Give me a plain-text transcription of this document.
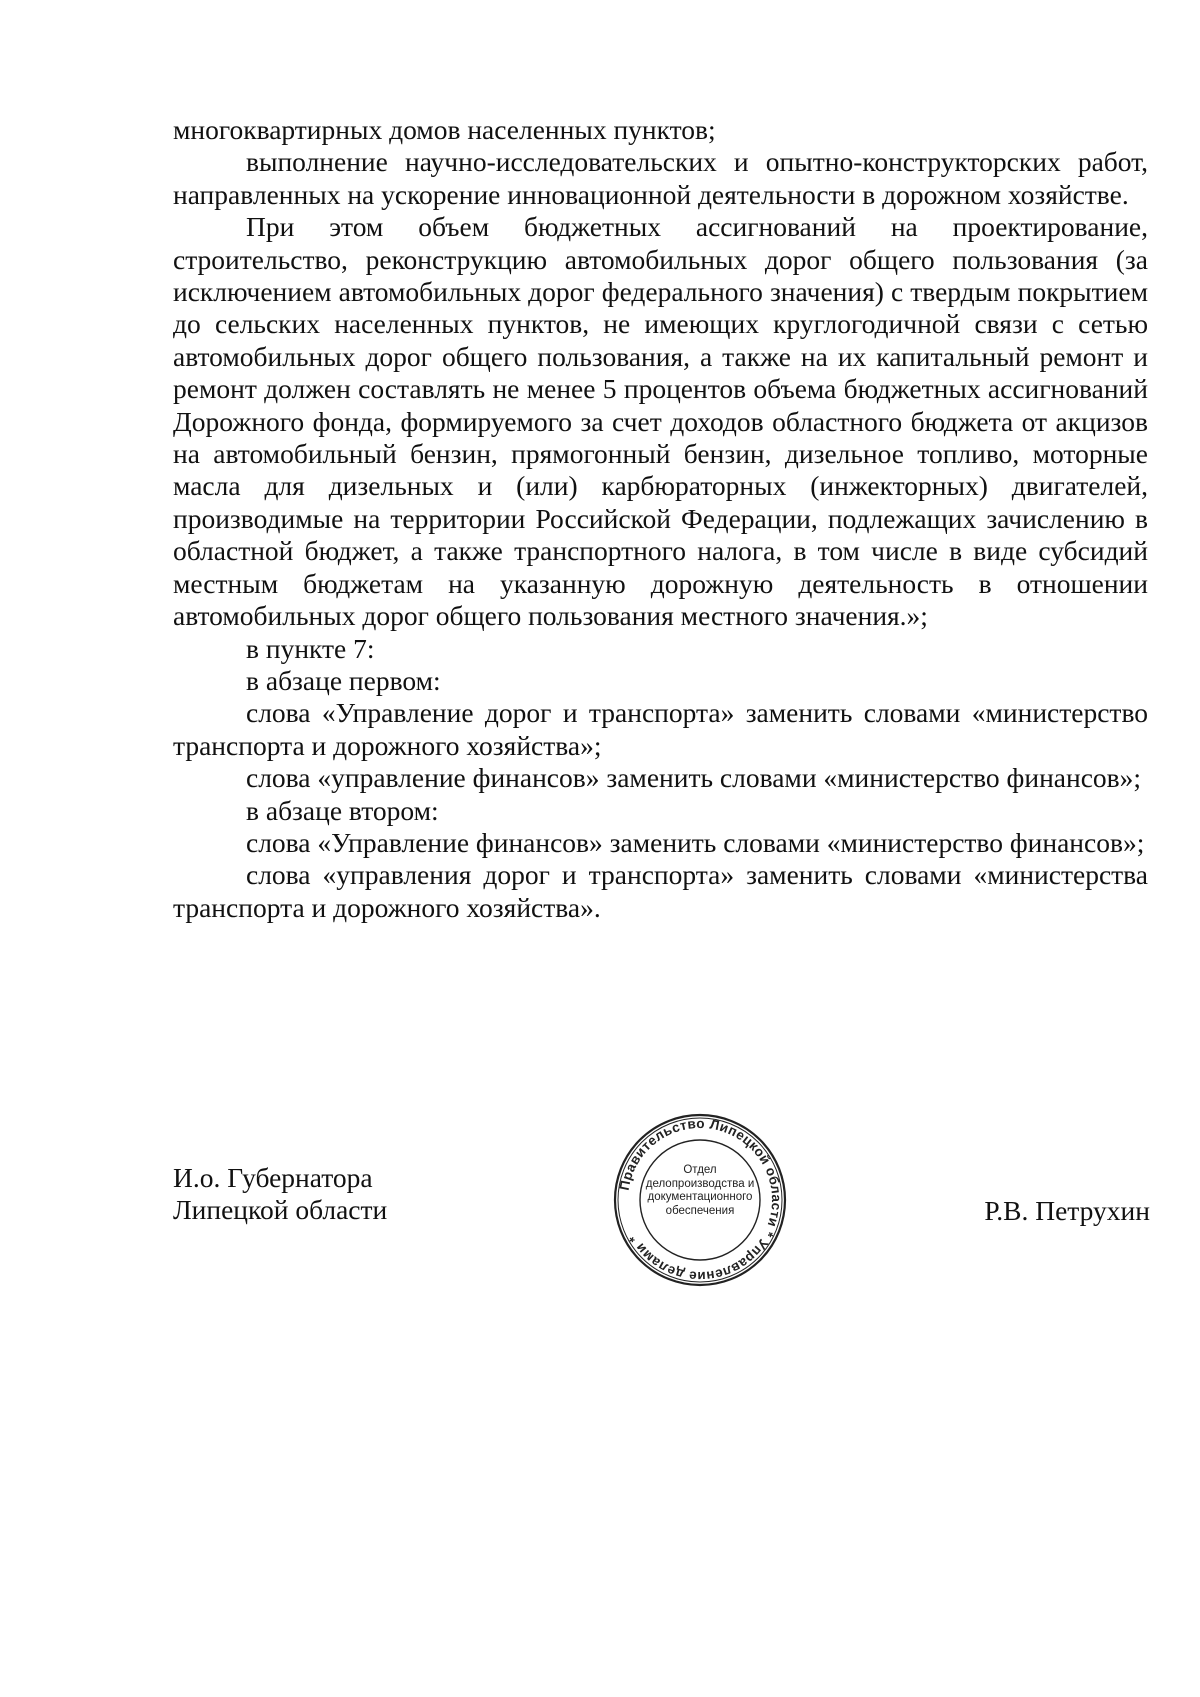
многоквартирных домов населенных пунктов;

выполнение научно-исследовательских и опытно-конструкторских работ, направленных на ускорение инновационной деятельности в дорожном хозяйстве.

При этом объем бюджетных ассигнований на проектирование, строительство, реконструкцию автомобильных дорог общего пользования (за исключением автомобильных дорог федерального значения) с твердым покрытием до сельских населенных пунктов, не имеющих круглогодичной связи с сетью автомобильных дорог общего пользования, а также на их капитальный ремонт и ремонт должен составлять не менее 5 процентов объема бюджетных ассигнований Дорожного фонда, формируемого за счет доходов областного бюджета от акцизов на автомобильный бензин, прямогонный бензин, дизельное топливо, моторные масла для дизельных и (или) карбюраторных (инжекторных) двигателей, производимые на территории Российской Федерации, подлежащих зачислению в областной бюджет, а также транспортного налога, в том числе в виде субсидий местным бюджетам на указанную дорожную деятельность в отношении автомобильных дорог общего пользования местного значения.»;

в пункте 7:

в абзаце первом:

слова «Управление дорог и транспорта» заменить словами «министерство транспорта и дорожного хозяйства»;

слова «управление финансов» заменить словами «министерство финансов»;

в абзаце втором:

слова «Управление финансов» заменить словами «министерство финансов»;

слова «управления дорог и транспорта» заменить словами «министерства транспорта и дорожного хозяйства».

И.о. Губернатора
Липецкой области
Правительство Липецкой области * Управление делами *
Отдел
делопроизводства и
документационного
обеспечения	Р.В. Петрухин
